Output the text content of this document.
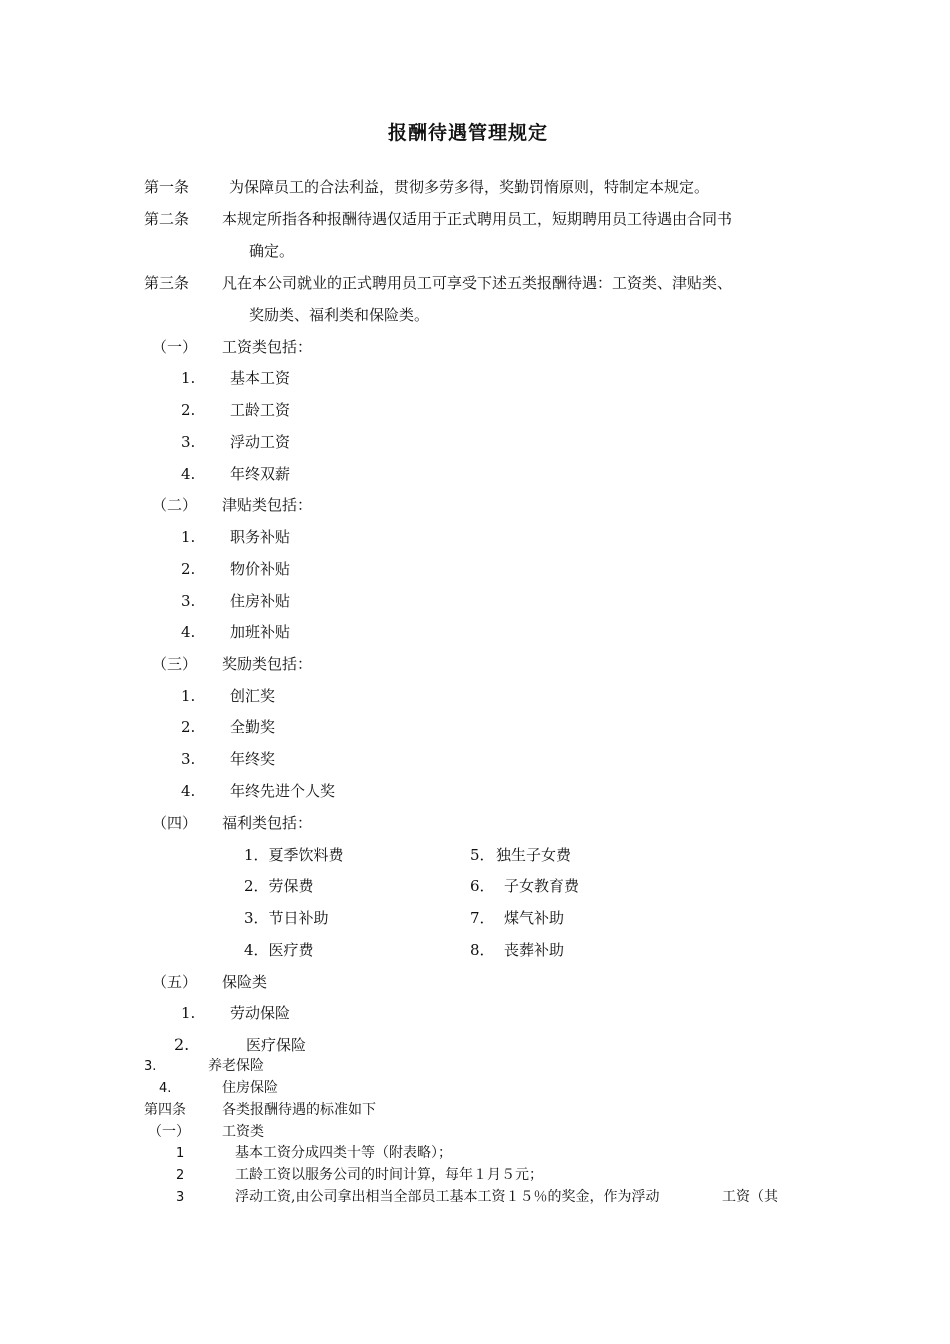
报酬待遇管理规定
第一条	为保障员工的合法利益，贯彻多劳多得，奖勤罚惰原则，特制定本规定。
第二条 本规定所指各种报酬待遇仅适用于正式聘用员工，短期聘用员工待遇由合同书
确定。
第三条 凡在本公司就业的正式聘用员工可享受下述五类报酬待遇：工资类、津贴类、
奖励类、福利类和保险类。
（一） 工资类包括：
1. 基本工资
2. 工龄工资
3. 浮动工资
4. 年终双薪
（二） 津贴类包括：
1. 职务补贴
2. 物价补贴
3. 住房补贴
4. 加班补贴
（三） 奖励类包括：
1. 创汇奖
2. 全勤奖
3. 年终奖
4. 年终先进个人奖
（四） 福利类包括：
1．夏季饮料费	5． 独生子女费
2．劳保费	6． 子女教育费
3．节日补助	7． 煤气补助
4．医疗费	8． 丧葬补助
（五） 保险类
1. 劳动保险
2.	医疗保险
3.	养老保险
4.	住房保险
第四条	各类报酬待遇的标准如下
（一） 工资类
1	基本工资分成四类十等（附表略）；
2	工龄工资以服务公司的时间计算，每年１月５元；
3	浮动工资,由公司拿出相当全部员工基本工资１５％的奖金，作为浮动	工资（其
